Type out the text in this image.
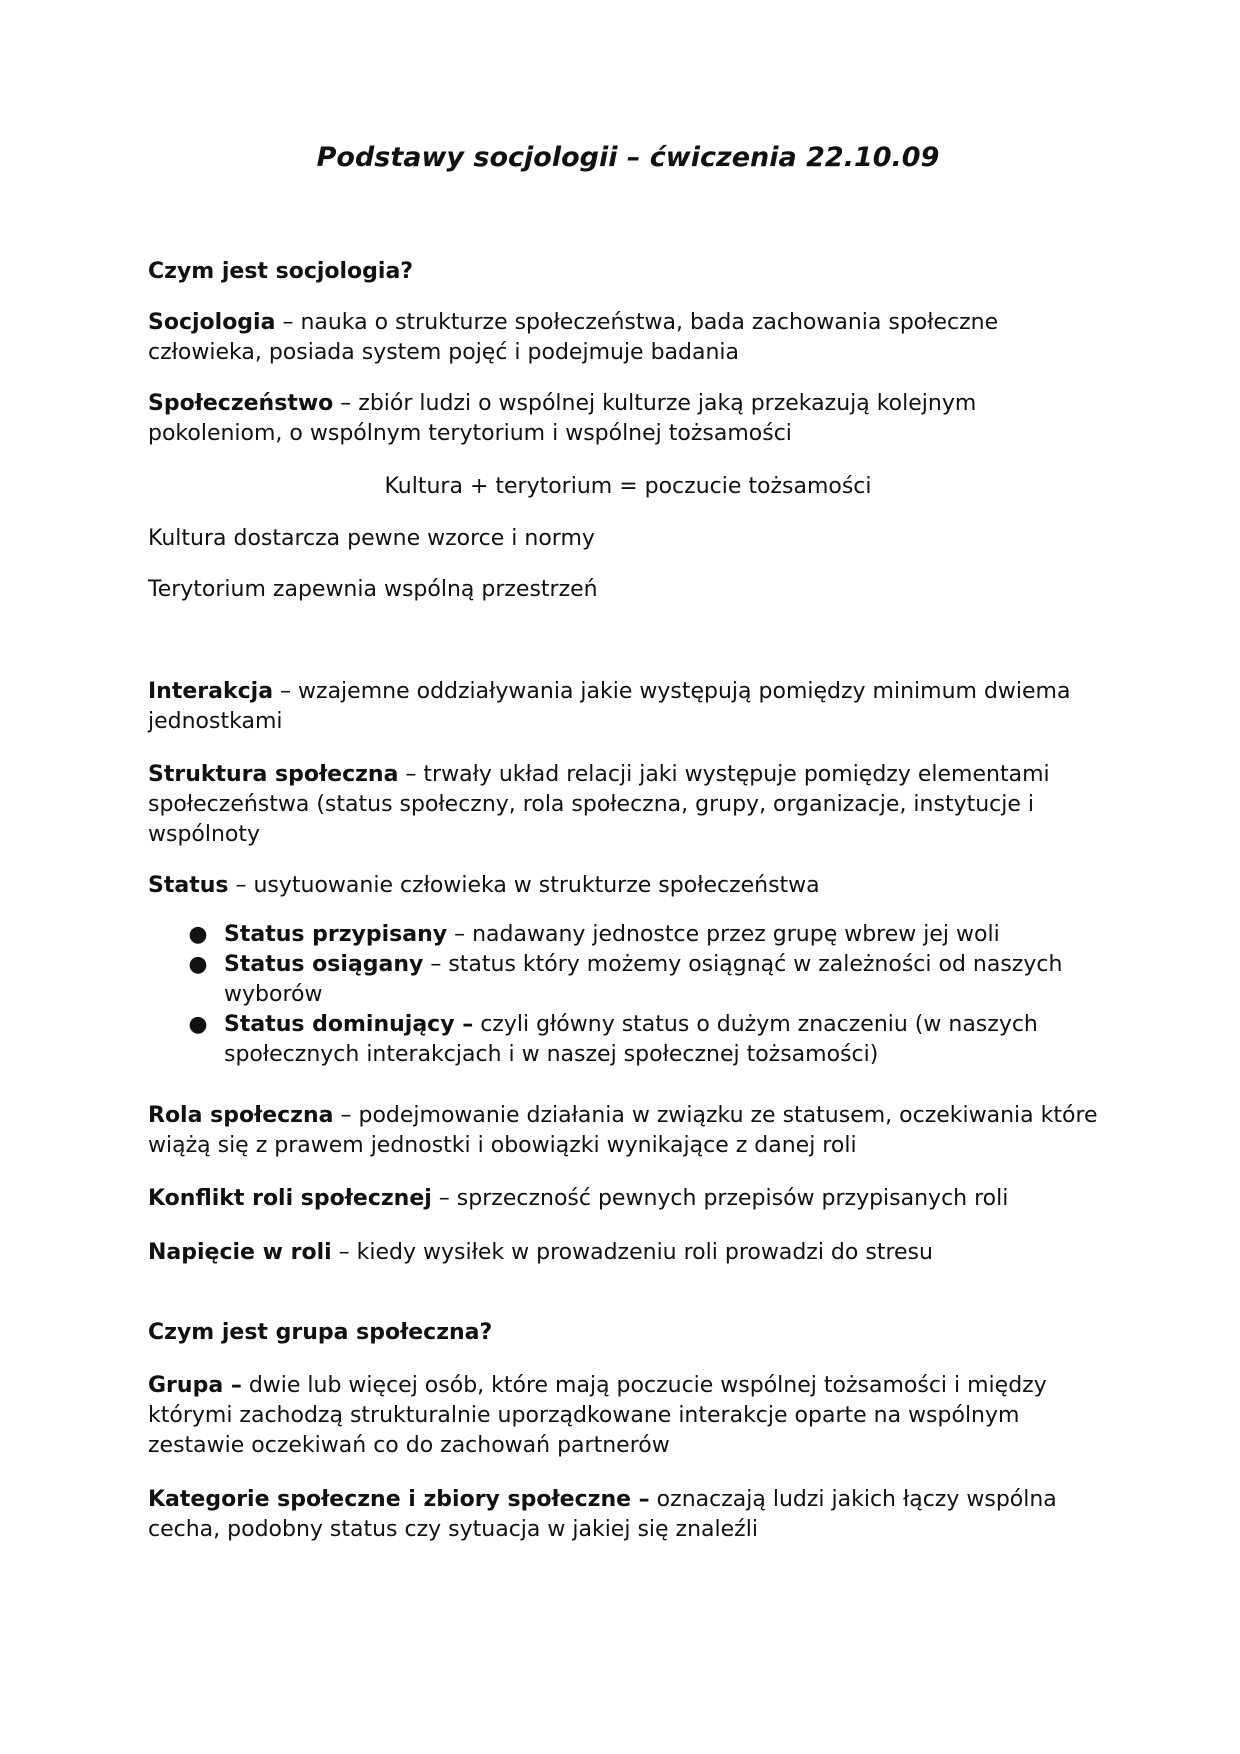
Podstawy socjologii – ćwiczenia 22.10.09

Czym jest socjologia?

Socjologia – nauka o strukturze społeczeństwa, bada zachowania społeczne człowieka, posiada system pojęć i podejmuje badania

Społeczeństwo – zbiór ludzi o wspólnej kulturze jaką przekazują kolejnym pokoleniom, o wspólnym terytorium i wspólnej tożsamości

Kultura + terytorium = poczucie tożsamości

Kultura dostarcza pewne wzorce i normy

Terytorium zapewnia wspólną przestrzeń

Interakcja – wzajemne oddziaływania jakie występują pomiędzy minimum dwiema jednostkami

Struktura społeczna – trwały układ relacji jaki występuje pomiędzy elementami społeczeństwa (status społeczny, rola społeczna, grupy, organizacje, instytucje i wspólnoty

Status – usytuowanie człowieka w strukturze społeczeństwa

● Status przypisany – nadawany jednostce przez grupę wbrew jej woli
● Status osiągany – status który możemy osiągnąć w zależności od naszych wyborów
● Status dominujący – czyli główny status o dużym znaczeniu (w naszych społecznych interakcjach i w naszej społecznej tożsamości)

Rola społeczna – podejmowanie działania w związku ze statusem, oczekiwania które wiążą się z prawem jednostki i obowiązki wynikające z danej roli

Konflikt roli społecznej – sprzeczność pewnych przepisów przypisanych roli

Napięcie w roli – kiedy wysiłek w prowadzeniu roli prowadzi do stresu

Czym jest grupa społeczna?

Grupa – dwie lub więcej osób, które mają poczucie wspólnej tożsamości i między którymi zachodzą strukturalnie uporządkowane interakcje oparte na wspólnym zestawie oczekiwań co do zachowań partnerów

Kategorie społeczne i zbiory społeczne – oznaczają ludzi jakich łączy wspólna cecha, podobny status czy sytuacja w jakiej się znaleźli
